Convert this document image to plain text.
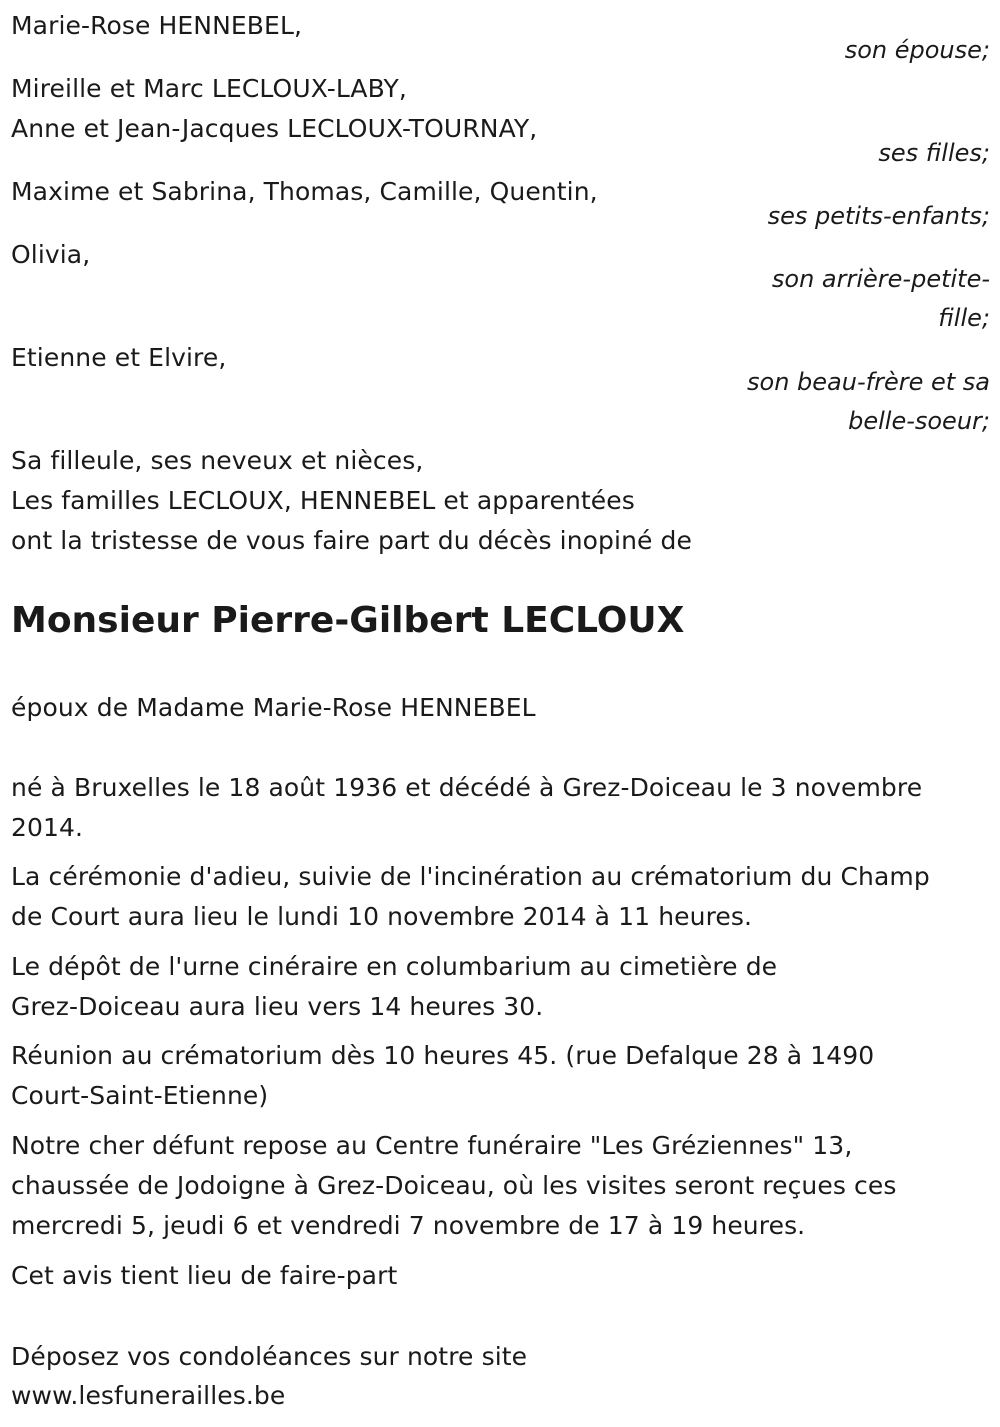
Marie-Rose HENNEBEL,
son épouse;
Mireille et Marc LECLOUX-LABY,
Anne et Jean-Jacques LECLOUX-TOURNAY,
ses filles;
Maxime et Sabrina, Thomas, Camille, Quentin,
ses petits-enfants;
Olivia,
son arrière-petite-
fille;
Etienne et Elvire,
son beau-frère et sa
belle-soeur;
Sa filleule, ses neveux et nièces,
Les familles LECLOUX, HENNEBEL et apparentées
ont la tristesse de vous faire part du décès inopiné de
Monsieur Pierre-Gilbert LECLOUX
époux de Madame Marie-Rose HENNEBEL
né à Bruxelles le 18 août 1936 et décédé à Grez-Doiceau le 3 novembre
2014.
La cérémonie d'adieu, suivie de l'incinération au crématorium du Champ
de Court aura lieu le lundi 10 novembre 2014 à 11 heures.
Le dépôt de l'urne cinéraire en columbarium au cimetière de
Grez-Doiceau aura lieu vers 14 heures 30.
Réunion au crématorium dès 10 heures 45. (rue Defalque 28 à 1490
Court-Saint-Etienne)
Notre cher défunt repose au Centre funéraire "Les Gréziennes" 13,
chaussée de Jodoigne à Grez-Doiceau, où les visites seront reçues ces
mercredi 5, jeudi 6 et vendredi 7 novembre de 17 à 19 heures.
Cet avis tient lieu de faire-part
Déposez vos condoléances sur notre site
www.lesfunerailles.be
